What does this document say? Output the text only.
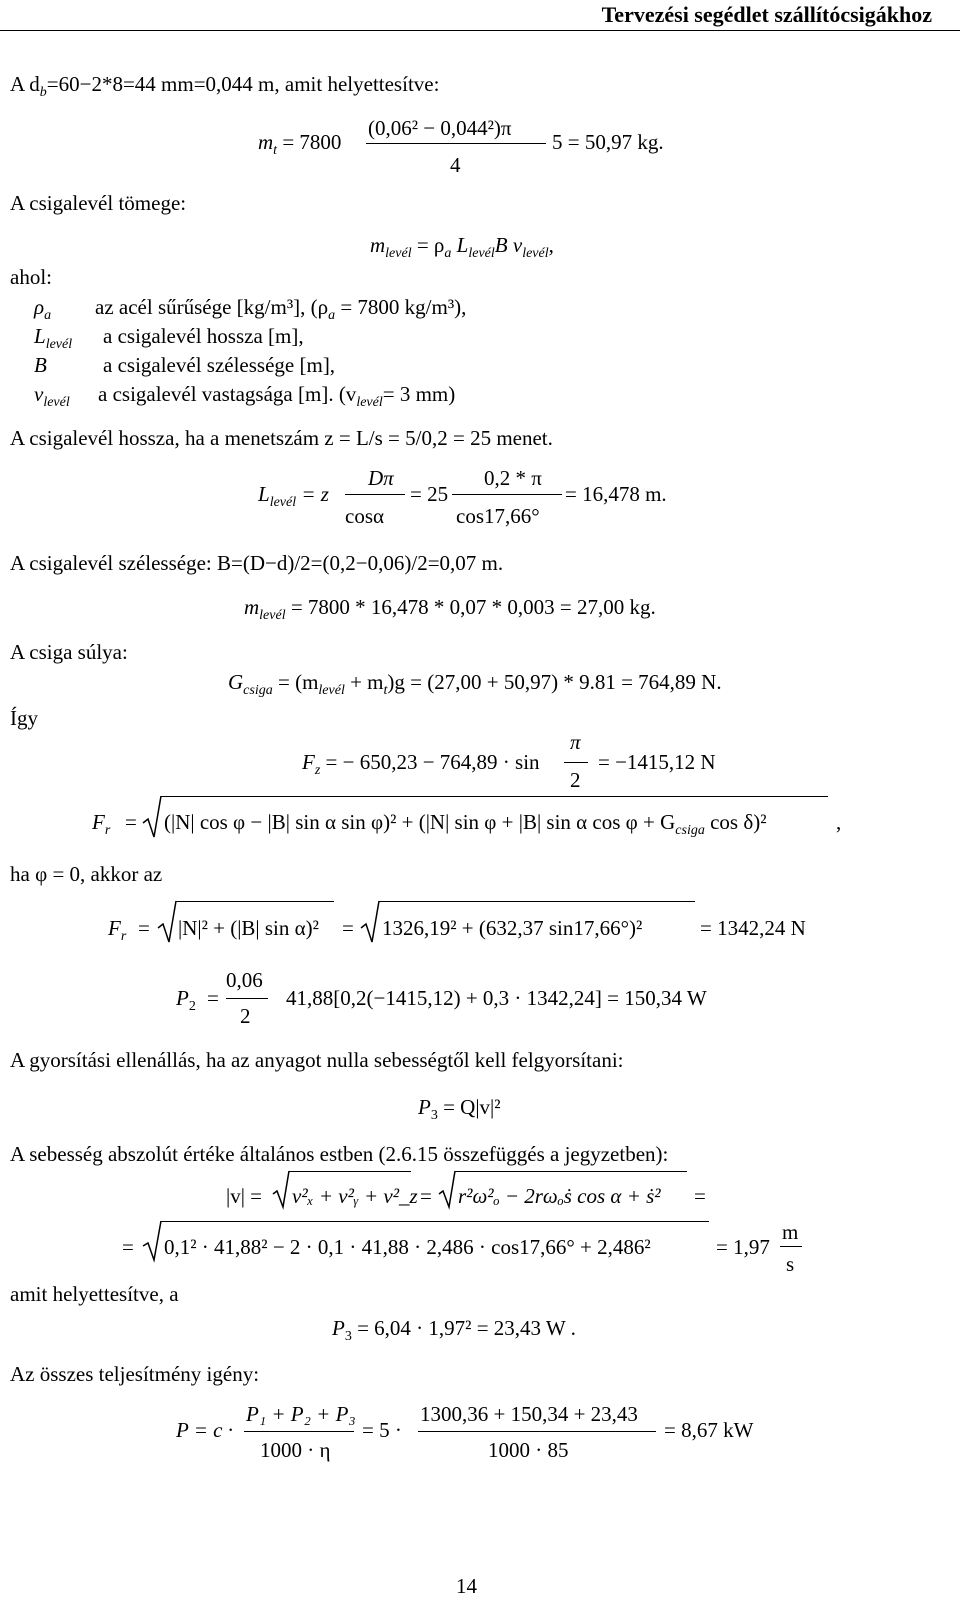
Tervezési segédlet szállítócsigákhoz
A $d_b=60-2*8=44$ mm=0,044 m, amit helyettesítve:
$m_t = 7800$
(0,06² − 0,044²)π
4
5 = 50,97 kg.
A csigalevél tömege:
$m_{levél} = \rho_a$ $L_{levél}B$ $v_{levél}$,
ahol:
$\rho_a$ az acél sűrűsége [kg/m³], ($\rho_a = 7800$ kg/m³),
$L_{levél}$ a csigalevél hossza [m],
B	a csigalevél szélessége [m],
$v_{levél}$ a csigalevél vastagsága [m]. ($v_{levél}= 3$ mm)
A csigalevél hossza, ha a menetszám z = L/s = 5/0,2 = 25 menet.
$L_{levél} = z$
Dπ
cosα
= 25
0,2 * π
cos17,66°
= 16,478 m.
A csigalevél szélessége: B=(D−d)/2=(0,2−0,06)/2=0,07 m.
$m_{levél} = 7800 * 16,478 * 0,07 * 0,003 = 27,00$ kg.
A csiga súlya:
$G_{csiga} = (m_{levél} + m_t)g = (27,00 + 50,97) * 9.81 = 764,89$ N.
Így
$F_z$ = − 650,23 − 764,89 · sin
π
2
= −1415,12 N
$F_r = (|N|$ cos φ − |B| sin α sin φ)² + (|N| sin φ + |B| sin α $\cos \varphi + G_{csiga}$ cos δ)²	,
ha φ = 0, akkor az
$F_r = |N|^2 + (|B|$ sin α)² = 1326,19² + (632,37 sin17,66°)²	= 1342,24 N
$P_2$ =
0,06
2
41,88[0,2(−1415,12) + 0,3 · 1342,24] = 150,34 W
A gyorsítási ellenállás, ha az anyagot nulla sebességtől kell felgyorsítani:
$P_3 = Q|v|^2$
A sebesség abszolút értéke általános estben (2.6.15 összefüggés a jegyzetben):
|v| = v²ₓ + v²ᵧ + v²_z = r²ω²ₒ − 2rωₒṡ cos α + ṡ² =
= 0,1² · 41,88² − 2 · 0,1 · 41,88 · 2,486 · cos17,66° + 2,486²	= 1,97
m
s
amit helyettesítve, a
$P_3 = 6,04 \cdot 1,97^2 = 23,43$ W .
Az összes teljesítmény igény:
P = c ·
P₁ + P₂ + P₃
1000 · η
= 5 ·
1300,36 + 150,34 + 23,43
1000 · 85
= 8,67 kW
14
